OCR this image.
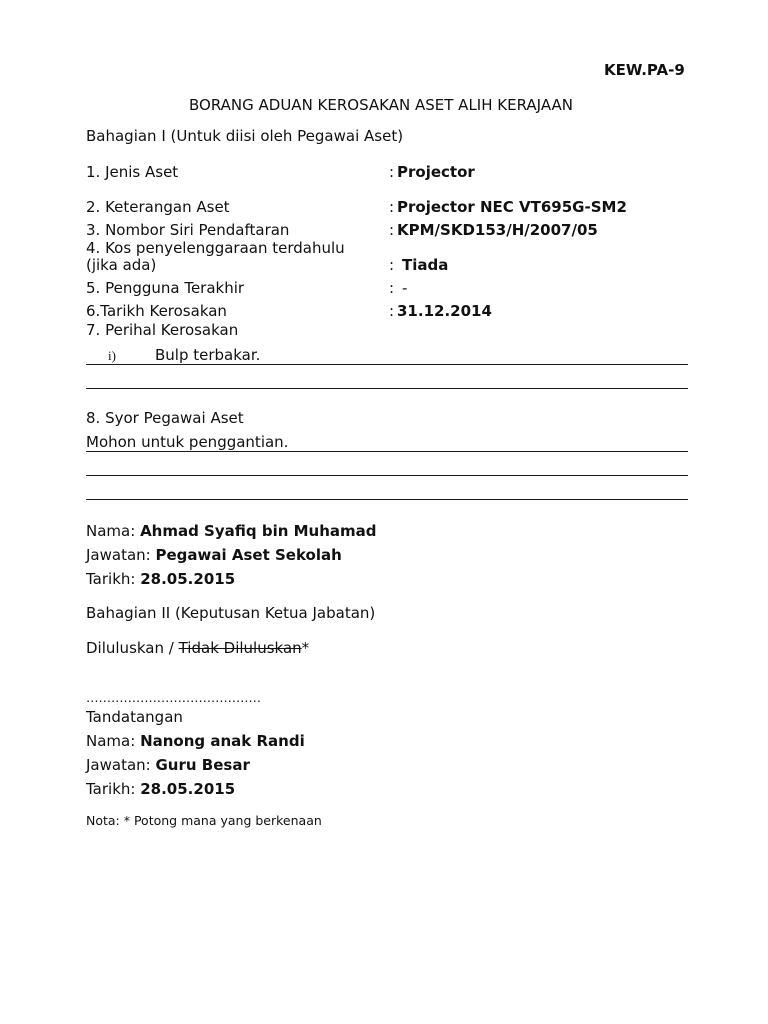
KEW.PA-9
BORANG ADUAN KEROSAKAN ASET ALIH KERAJAAN
Bahagian I (Untuk diisi oleh Pegawai Aset)
1. Jenis Aset	: Projector
2. Keterangan Aset	: Projector NEC VT695G-SM2
3. Nombor Siri Pendaftaran	: KPM/SKD153/H/2007/05
4. Kos penyelenggaraan terdahulu
(jika ada)	: Tiada
5. Pengguna Terakhir	: -
6.Tarikh Kerosakan	: 31.12.2014
7. Perihal Kerosakan
i)	Bulp terbakar.
8. Syor Pegawai Aset
Mohon untuk penggantian.
Nama: Ahmad Syafiq bin Muhamad
Jawatan: Pegawai Aset Sekolah
Tarikh: 28.05.2015
Bahagian II (Keputusan Ketua Jabatan)
Diluluskan / Tidak Diluluskan*
……………………………………
Tandatangan
Nama: Nanong anak Randi
Jawatan: Guru Besar
Tarikh: 28.05.2015
Nota: * Potong mana yang berkenaan
